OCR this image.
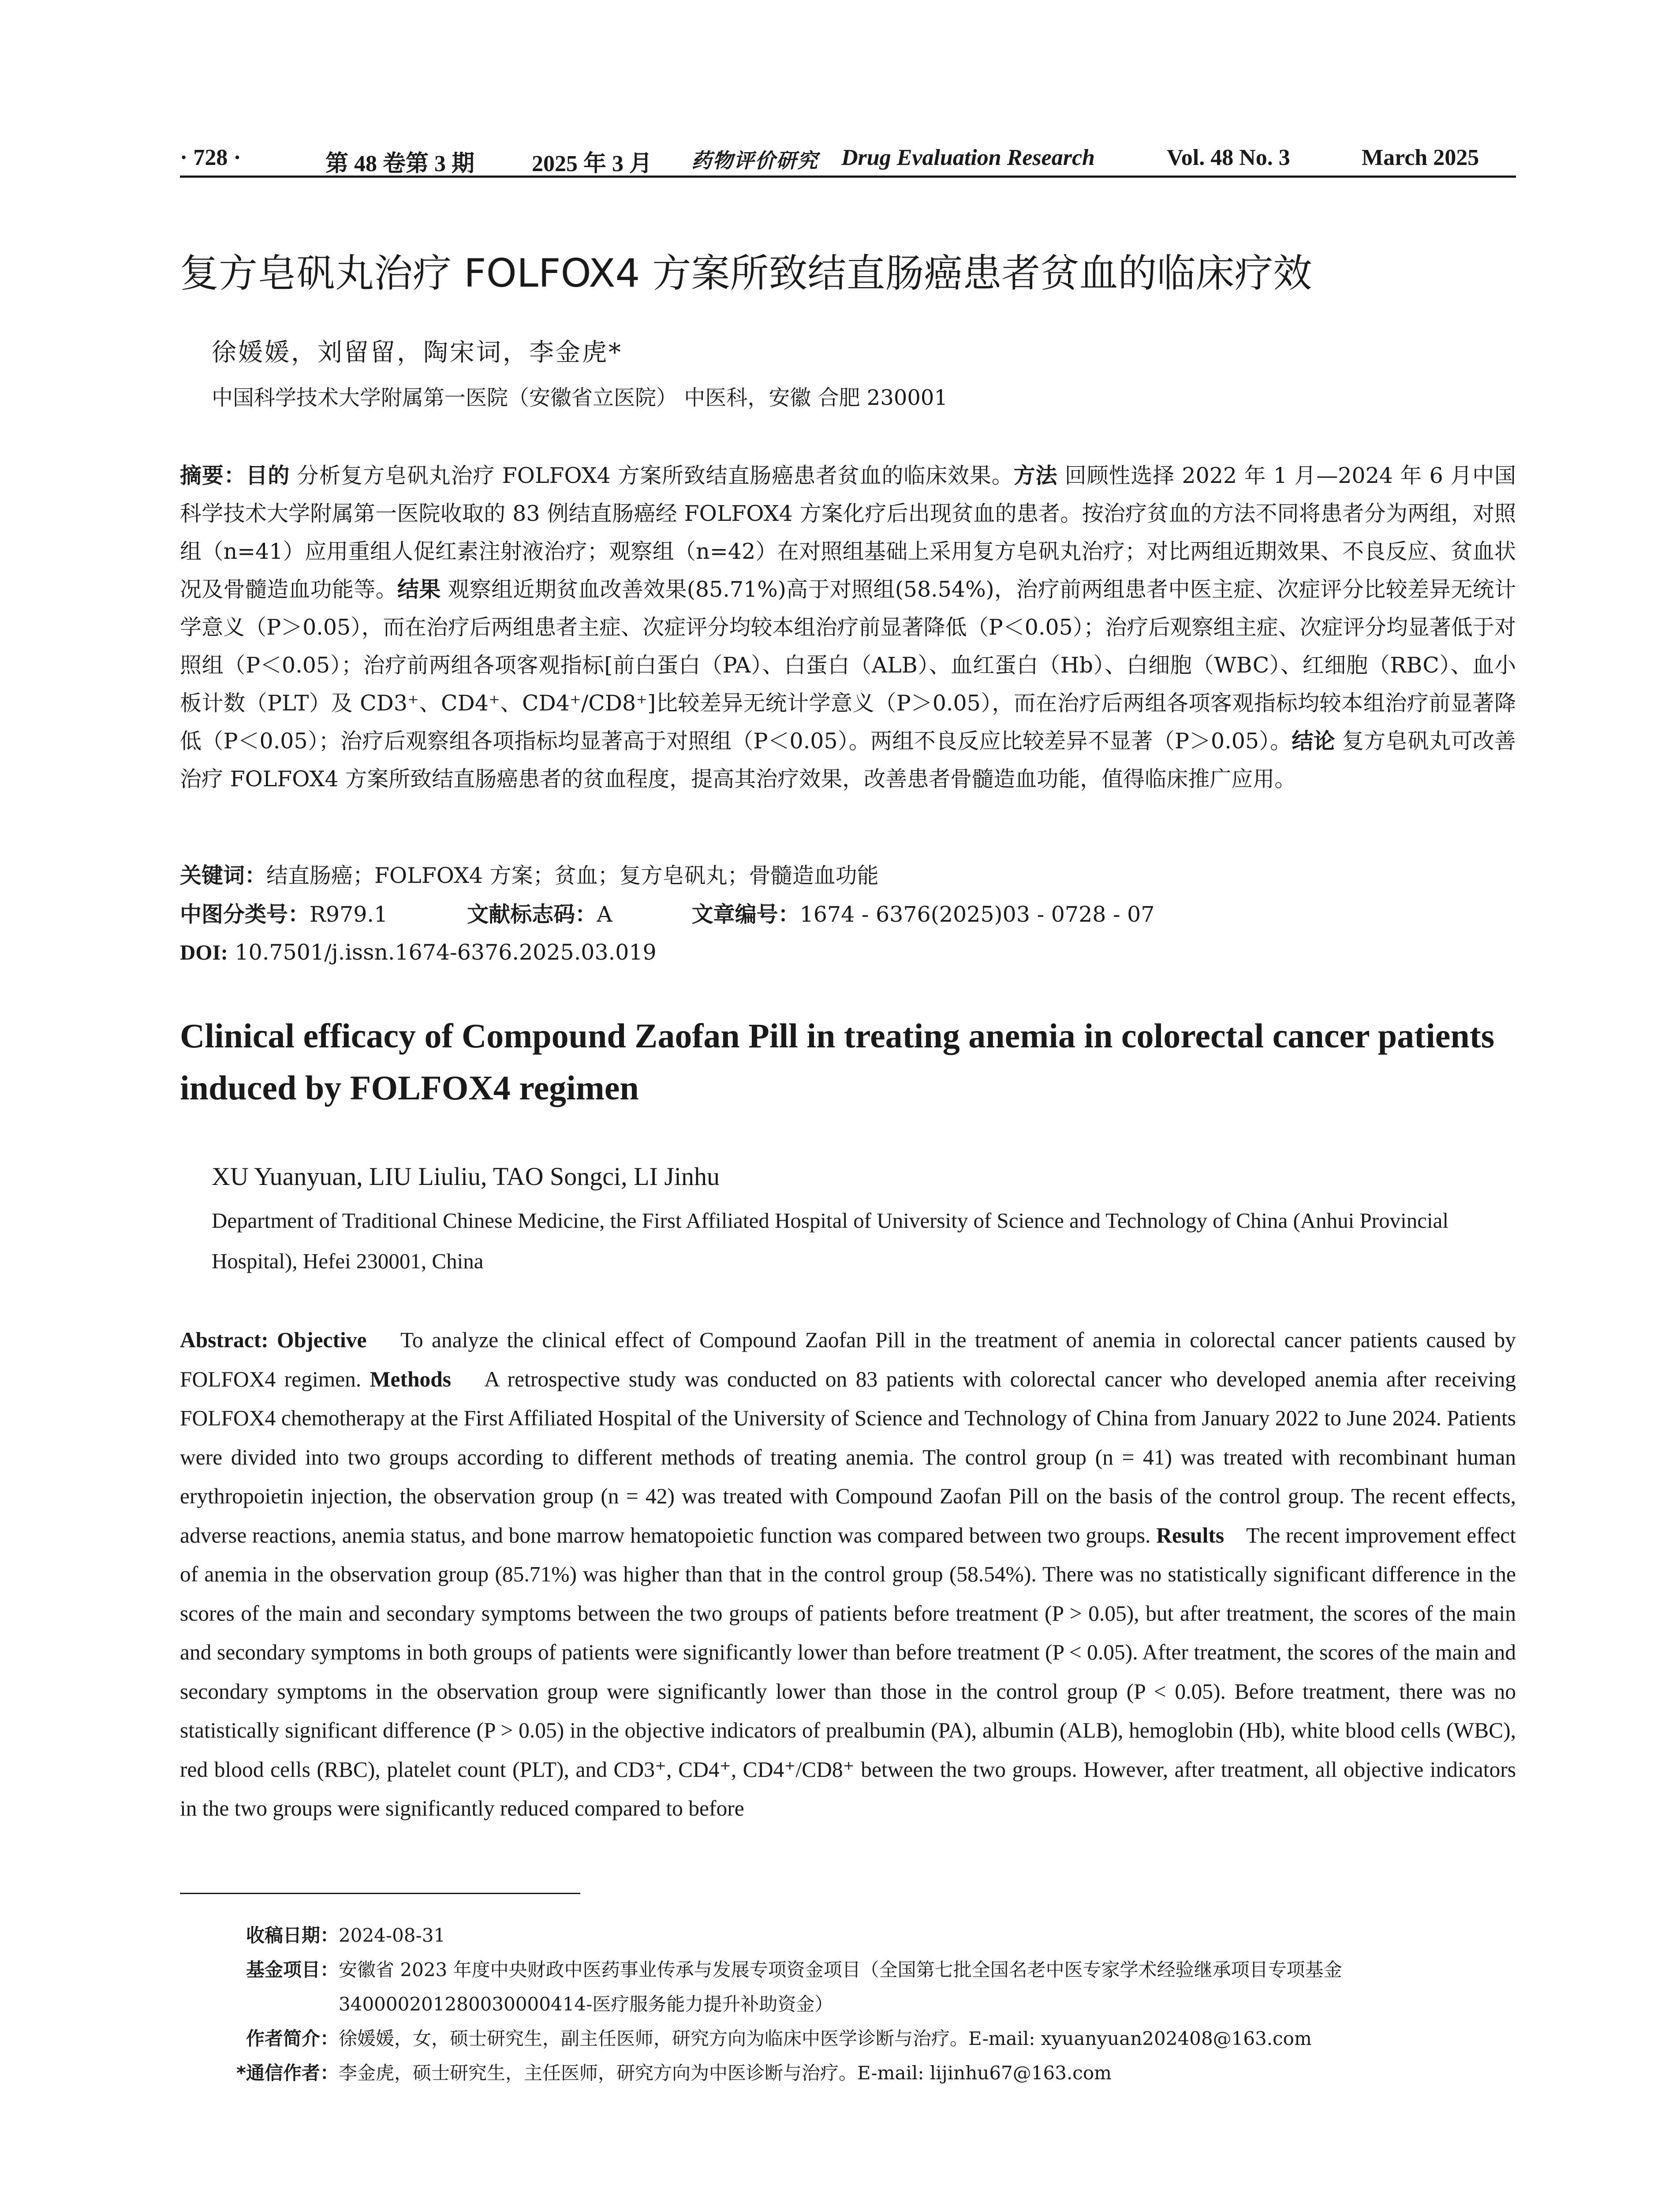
· 728 ·	第 48 卷第 3 期 2025 年 3 月 药物评价研究 Drug Evaluation Research	Vol. 48 No. 3	March 2025
复方皂矾丸治疗 FOLFOX4 方案所致结直肠癌患者贫血的临床疗效
徐媛媛，刘留留，陶宋词，李金虎*
中国科学技术大学附属第一医院（安徽省立医院） 中医科，安徽 合肥 230001
摘要：目的 分析复方皂矾丸治疗 FOLFOX4 方案所致结直肠癌患者贫血的临床效果。方法 回顾性选择 2022 年 1 月—2024 年 6 月中国科学技术大学附属第一医院收取的 83 例结直肠癌经 FOLFOX4 方案化疗后出现贫血的患者。按治疗贫血的方法不同将患者分为两组，对照组（n=41）应用重组人促红素注射液治疗；观察组（n=42）在对照组基础上采用复方皂矾丸治疗；对比两组近期效果、不良反应、贫血状况及骨髓造血功能等。结果 观察组近期贫血改善效果(85.71%)高于对照组(58.54%)，治疗前两组患者中医主症、次症评分比较差异无统计学意义（P＞0.05），而在治疗后两组患者主症、次症评分均较本组治疗前显著降低（P＜0.05）；治疗后观察组主症、次症评分均显著低于对照组（P＜0.05）；治疗前两组各项客观指标[前白蛋白（PA）、白蛋白（ALB）、血红蛋白（Hb）、白细胞（WBC）、红细胞（RBC）、血小板计数（PLT）及 CD3⁺、CD4⁺、CD4⁺/CD8⁺]比较差异无统计学意义（P＞0.05），而在治疗后两组各项客观指标均较本组治疗前显著降低（P＜0.05）；治疗后观察组各项指标均显著高于对照组（P＜0.05）。两组不良反应比较差异不显著（P＞0.05）。结论 复方皂矾丸可改善治疗 FOLFOX4 方案所致结直肠癌患者的贫血程度，提高其治疗效果，改善患者骨髓造血功能，值得临床推广应用。
关键词：结直肠癌；FOLFOX4 方案；贫血；复方皂矾丸；骨髓造血功能
中图分类号：R979.1	文献标志码：A	文章编号：1674 - 6376(2025)03 - 0728 - 07
DOI: 10.7501/j.issn.1674-6376.2025.03.019
Clinical efficacy of Compound Zaofan Pill in treating anemia in colorectal cancer patients induced by FOLFOX4 regimen
XU Yuanyuan, LIU Liuliu, TAO Songci, LI Jinhu
Department of Traditional Chinese Medicine, the First Affiliated Hospital of University of Science and Technology of China (Anhui Provincial Hospital), Hefei 230001, China
Abstract: Objective    To analyze the clinical effect of Compound Zaofan Pill in the treatment of anemia in colorectal cancer patients caused by FOLFOX4 regimen. Methods    A retrospective study was conducted on 83 patients with colorectal cancer who developed anemia after receiving FOLFOX4 chemotherapy at the First Affiliated Hospital of the University of Science and Technology of China from January 2022 to June 2024. Patients were divided into two groups according to different methods of treating anemia. The control group (n = 41) was treated with recombinant human erythropoietin injection, the observation group (n = 42) was treated with Compound Zaofan Pill on the basis of the control group. The recent effects, adverse reactions, anemia status, and bone marrow hematopoietic function was compared between two groups. Results    The recent improvement effect of anemia in the observation group (85.71%) was higher than that in the control group (58.54%). There was no statistically significant difference in the scores of the main and secondary symptoms between the two groups of patients before treatment (P > 0.05), but after treatment, the scores of the main and secondary symptoms in both groups of patients were significantly lower than before treatment (P < 0.05). After treatment, the scores of the main and secondary symptoms in the observation group were significantly lower than those in the control group (P < 0.05). Before treatment, there was no statistically significant difference (P > 0.05) in the objective indicators of prealbumin (PA), albumin (ALB), hemoglobin (Hb), white blood cells (WBC), red blood cells (RBC), platelet count (PLT), and CD3⁺, CD4⁺, CD4⁺/CD8⁺ between the two groups. However, after treatment, all objective indicators in the two groups were significantly reduced compared to before
收稿日期： 2024-08-31
基金项目： 安徽省 2023 年度中央财政中医药事业传承与发展专项资金项目（全国第七批全国名老中医专家学术经验继承项目专项基金 34000020128003000041​4-医疗服务能力提升补助资金）
作者简介： 徐媛媛，女，硕士研究生，副主任医师，研究方向为临床中医学诊断与治疗。E-mail: xyuanyuan202408@163.com
*通信作者： 李金虎，硕士研究生，主任医师，研究方向为中医诊断与治疗。E-mail: lijinhu67@163.com
